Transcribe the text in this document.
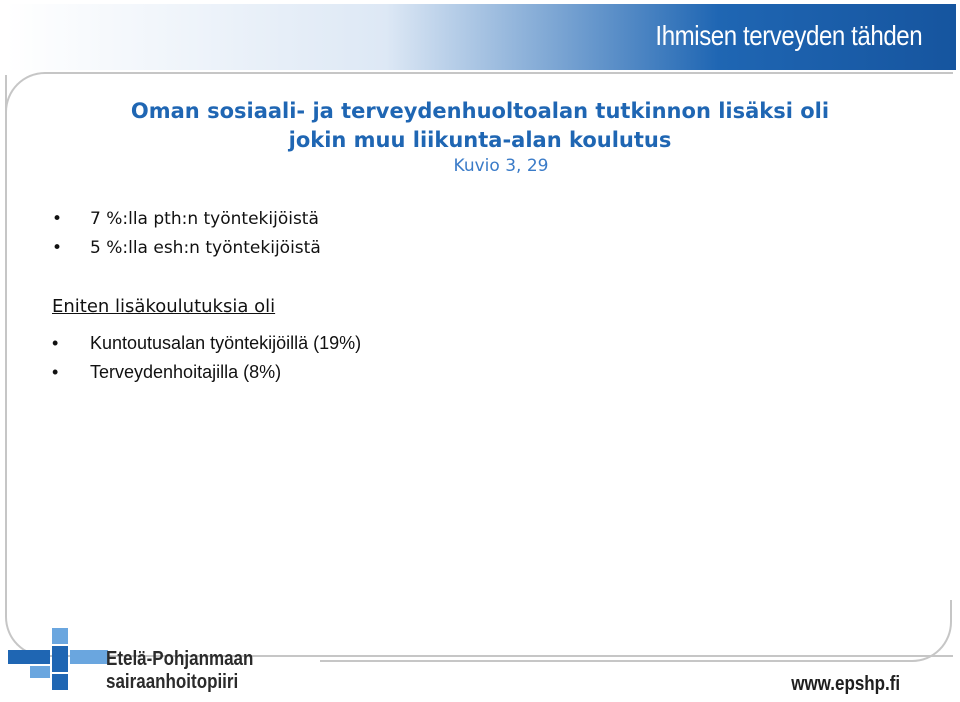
Ihmisen terveyden tähden
Oman sosiaali- ja terveydenhuoltoalan tutkinnon lisäksi oli
jokin muu liikunta-alan koulutus
Kuvio 3, 29
• 7 %:lla pth:n työntekijöistä
• 5 %:lla esh:n työntekijöistä
Eniten lisäkoulutuksia oli
• Kuntoutusalan työntekijöillä (19%)
• Terveydenhoitajilla (8%)
Etelä-Pohjanmaan
sairaanhoitopiiri	www.epshp.fi
